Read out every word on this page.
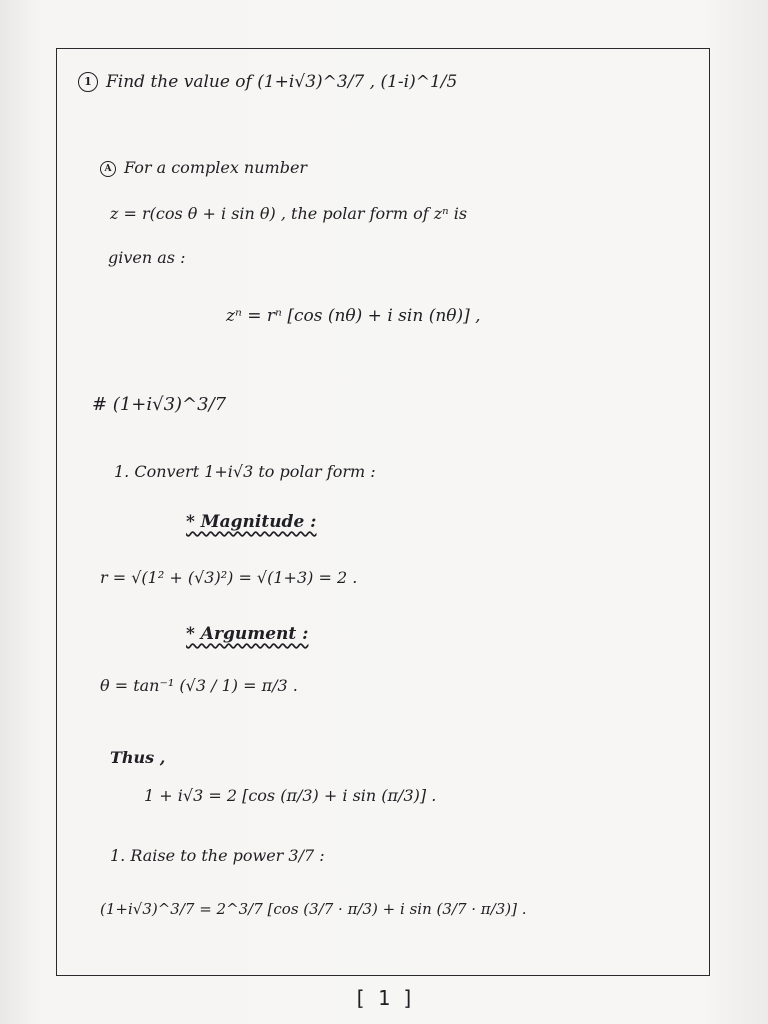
1 Find the value of (1+i√3)^3/7 , (1-i)^1/5
A For a complex number
z = r(cos θ + i sin θ) , the polar form of zⁿ is
given as :
zⁿ = rⁿ [cos (nθ) + i sin (nθ)] ,
# (1+i√3)^3/7
1. Convert 1+i√3 to polar form :
* Magnitude :
r = √(1² + (√3)²) = √(1+3) = 2 .
* Argument :
θ = tan⁻¹ (√3 / 1) = π/3 .
Thus ,
1 + i√3 = 2 [cos (π/3) + i sin (π/3)] .
1. Raise to the power 3/7 :
(1+i√3)^3/7 = 2^3/7 [cos (3/7 · π/3) + i sin (3/7 · π/3)] .
[ 1 ]
